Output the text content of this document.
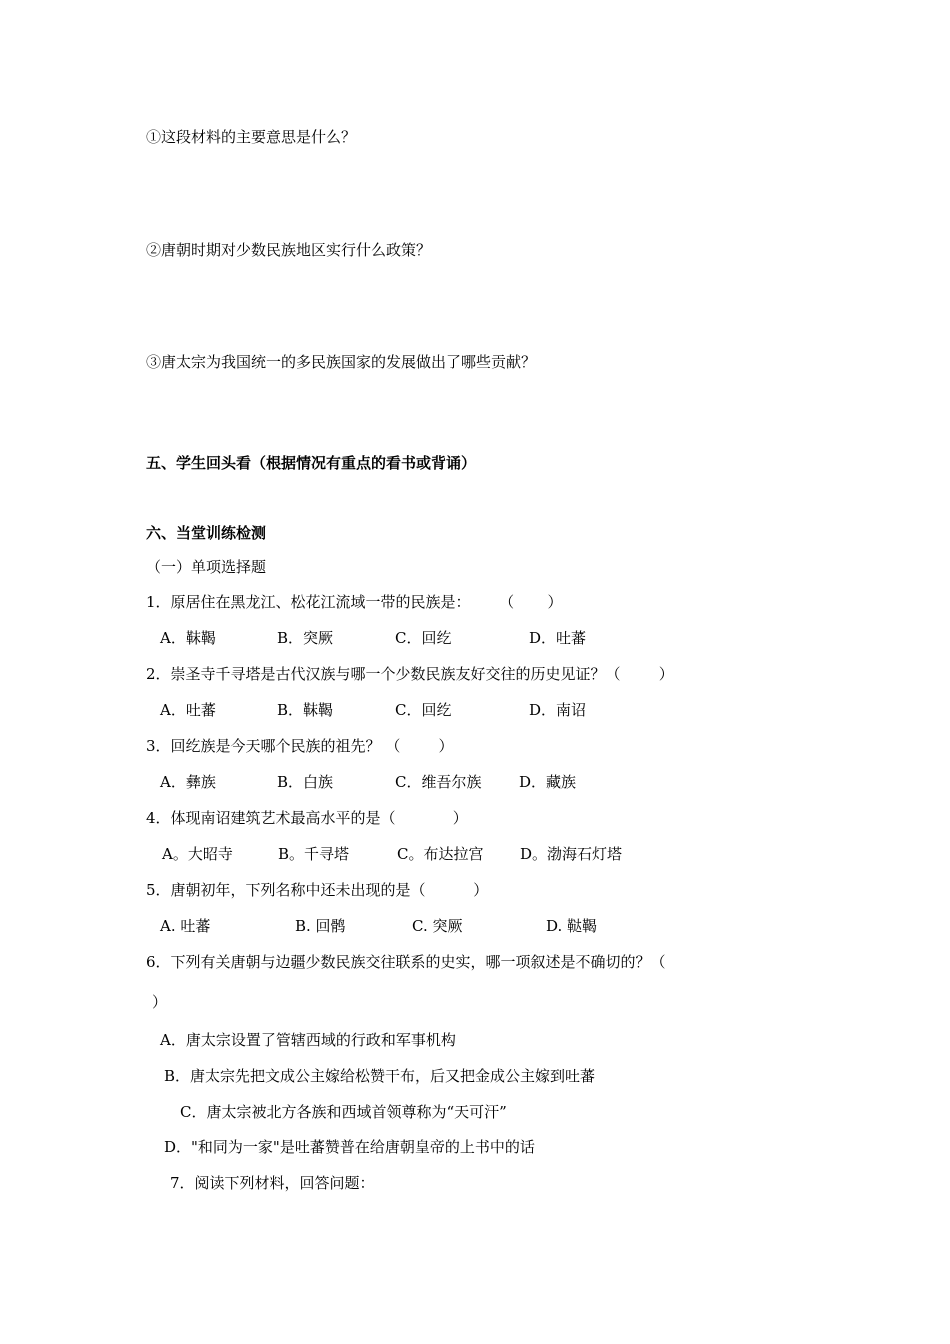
①这段材料的主要意思是什么？
②唐朝时期对少数民族地区实行什么政策？
③唐太宗为我国统一的多民族国家的发展做出了哪些贡献？
五、学生回头看（根据情况有重点的看书或背诵）
六、当堂训练检测
（一）单项选择题
1．原居住在黑龙江、松花江流域一带的民族是：      （       ）
A．靺鞨	B．突厥	C．回纥	D．吐蕃
2．崇圣寺千寻塔是古代汉族与哪一个少数民族友好交往的历史见证？（        ）
A．吐蕃	B．靺鞨	C．回纥	D．南诏
3．回纥族是今天哪个民族的祖先？ （        ）
A．彝族	B．白族	C．维吾尔族	D．藏族
4．体现南诏建筑艺术最高水平的是（            ）
A。大昭寺	B。千寻塔	C。布达拉宫 D。渤海石灯塔
5．唐朝初年，下列名称中还未出现的是（          ）
A. 吐蕃	B. 回鹘	C. 突厥	D. 鞑鞨
6．下列有关唐朝与边疆少数民族交往联系的史实，哪一项叙述是不确切的？（
）
A．唐太宗设置了管辖西域的行政和军事机构
B．唐太宗先把文成公主嫁给松赞干布，后又把金成公主嫁到吐蕃
C．唐太宗被北方各族和西域首领尊称为“天可汗”
D．"和同为一家"是吐蕃赞普在给唐朝皇帝的上书中的话
7．阅读下列材料，回答问题：
